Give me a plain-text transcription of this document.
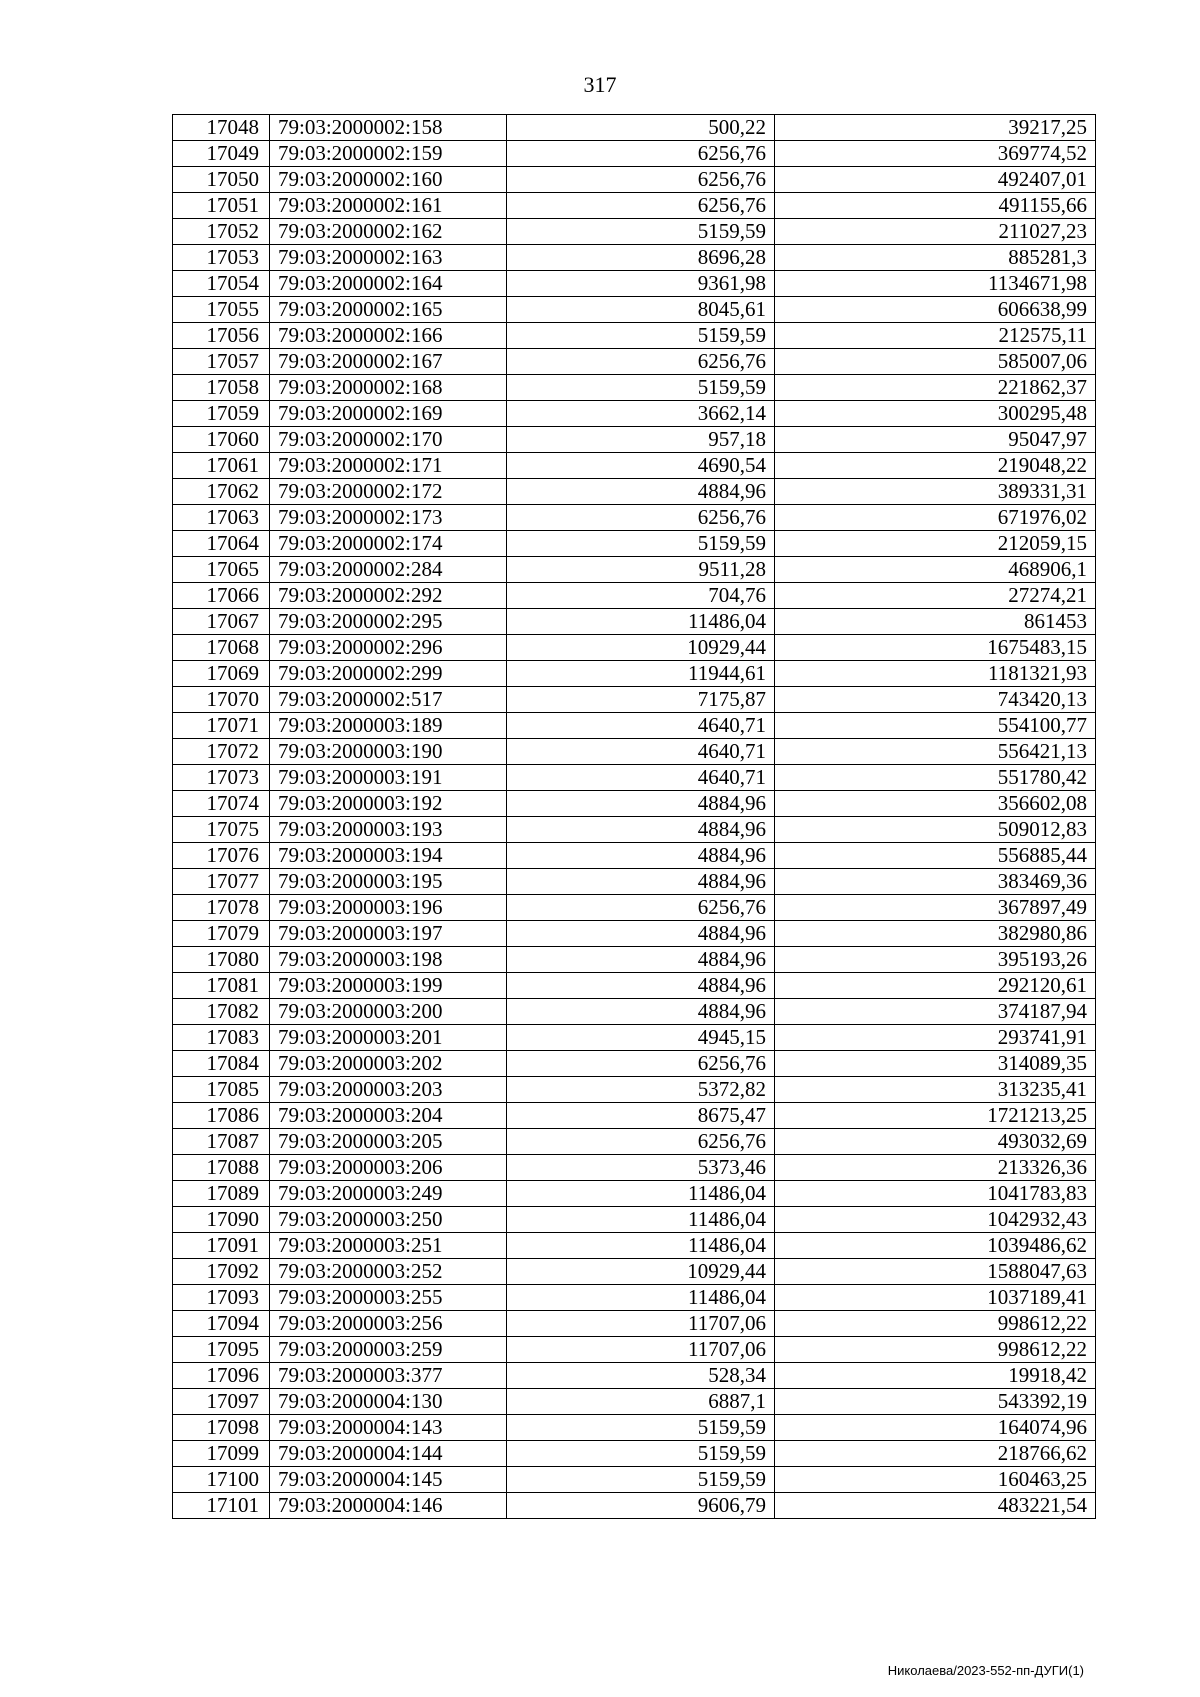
317
17048	79:03:2000002:158	500,22	39217,25
17049	79:03:2000002:159	6256,76	369774,52
17050	79:03:2000002:160	6256,76	492407,01
17051	79:03:2000002:161	6256,76	491155,66
17052	79:03:2000002:162	5159,59	211027,23
17053	79:03:2000002:163	8696,28	885281,3
17054	79:03:2000002:164	9361,98	1134671,98
17055	79:03:2000002:165	8045,61	606638,99
17056	79:03:2000002:166	5159,59	212575,11
17057	79:03:2000002:167	6256,76	585007,06
17058	79:03:2000002:168	5159,59	221862,37
17059	79:03:2000002:169	3662,14	300295,48
17060	79:03:2000002:170	957,18	95047,97
17061	79:03:2000002:171	4690,54	219048,22
17062	79:03:2000002:172	4884,96	389331,31
17063	79:03:2000002:173	6256,76	671976,02
17064	79:03:2000002:174	5159,59	212059,15
17065	79:03:2000002:284	9511,28	468906,1
17066	79:03:2000002:292	704,76	27274,21
17067	79:03:2000002:295	11486,04	861453
17068	79:03:2000002:296	10929,44	1675483,15
17069	79:03:2000002:299	11944,61	1181321,93
17070	79:03:2000002:517	7175,87	743420,13
17071	79:03:2000003:189	4640,71	554100,77
17072	79:03:2000003:190	4640,71	556421,13
17073	79:03:2000003:191	4640,71	551780,42
17074	79:03:2000003:192	4884,96	356602,08
17075	79:03:2000003:193	4884,96	509012,83
17076	79:03:2000003:194	4884,96	556885,44
17077	79:03:2000003:195	4884,96	383469,36
17078	79:03:2000003:196	6256,76	367897,49
17079	79:03:2000003:197	4884,96	382980,86
17080	79:03:2000003:198	4884,96	395193,26
17081	79:03:2000003:199	4884,96	292120,61
17082	79:03:2000003:200	4884,96	374187,94
17083	79:03:2000003:201	4945,15	293741,91
17084	79:03:2000003:202	6256,76	314089,35
17085	79:03:2000003:203	5372,82	313235,41
17086	79:03:2000003:204	8675,47	1721213,25
17087	79:03:2000003:205	6256,76	493032,69
17088	79:03:2000003:206	5373,46	213326,36
17089	79:03:2000003:249	11486,04	1041783,83
17090	79:03:2000003:250	11486,04	1042932,43
17091	79:03:2000003:251	11486,04	1039486,62
17092	79:03:2000003:252	10929,44	1588047,63
17093	79:03:2000003:255	11486,04	1037189,41
17094	79:03:2000003:256	11707,06	998612,22
17095	79:03:2000003:259	11707,06	998612,22
17096	79:03:2000003:377	528,34	19918,42
17097	79:03:2000004:130	6887,1	543392,19
17098	79:03:2000004:143	5159,59	164074,96
17099	79:03:2000004:144	5159,59	218766,62
17100	79:03:2000004:145	5159,59	160463,25
17101	79:03:2000004:146	9606,79	483221,54
Николаева/2023-552-пп-ДУГИ(1)
